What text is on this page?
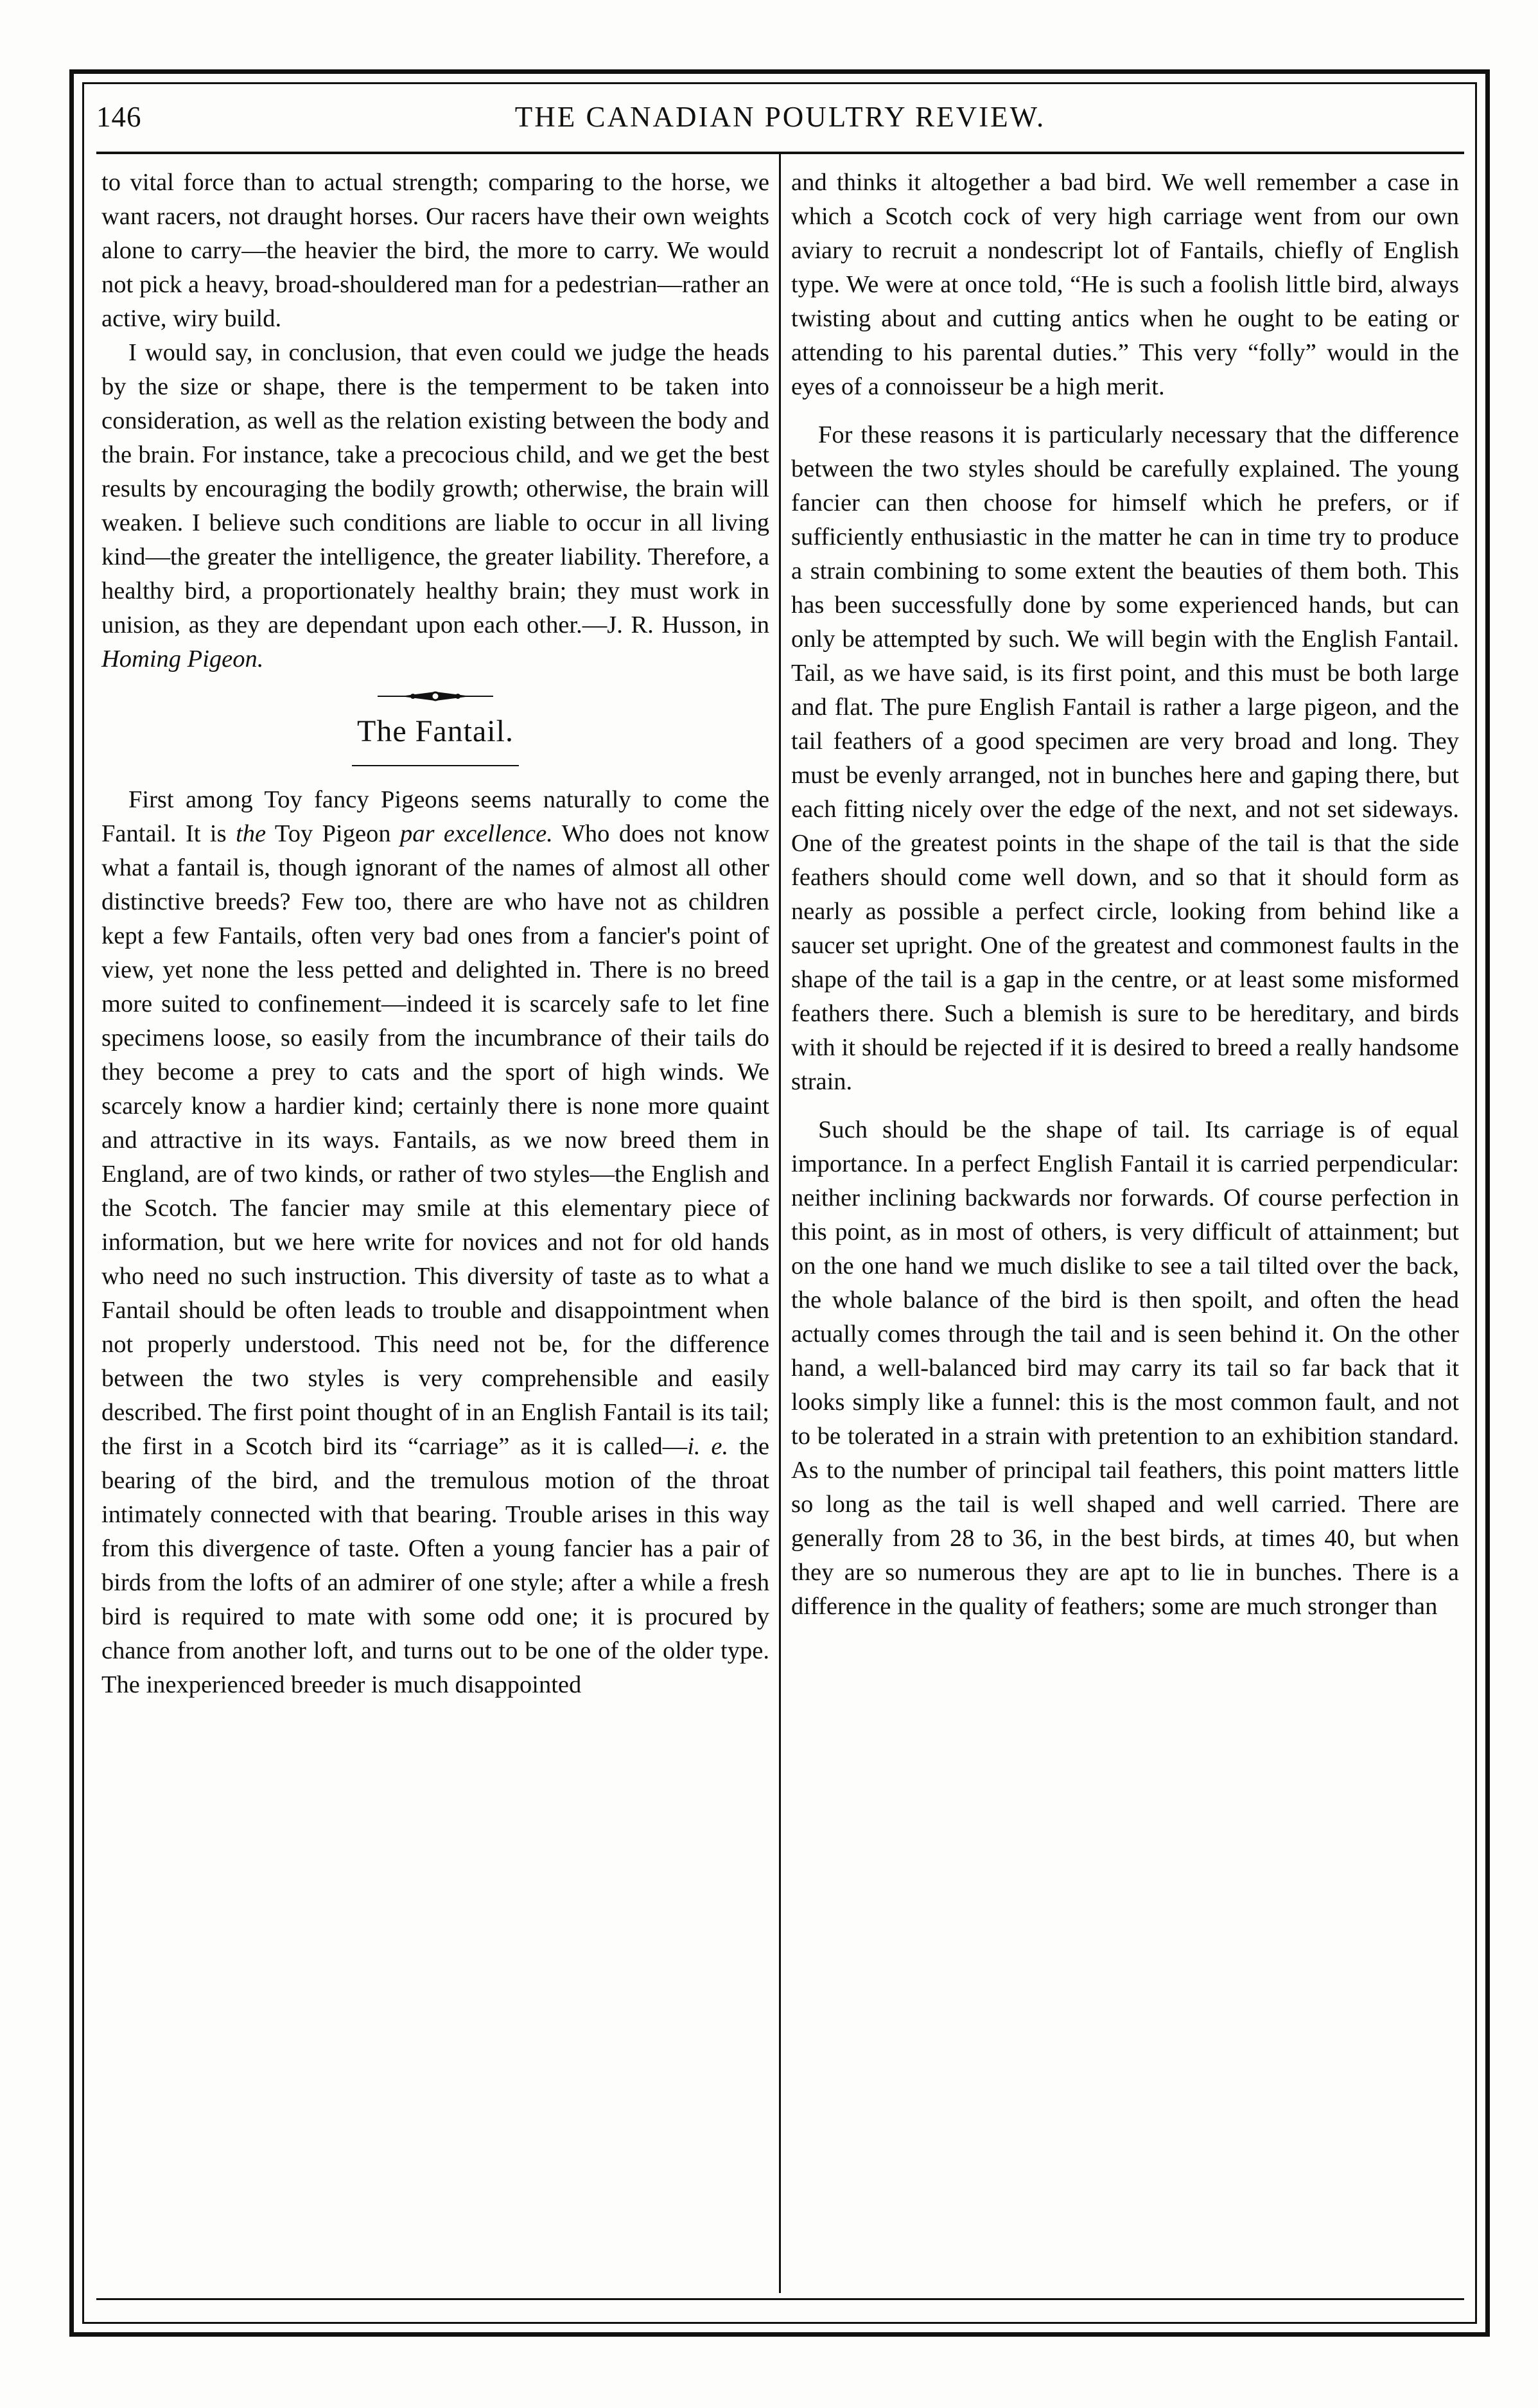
146	THE CANADIAN POULTRY REVIEW.

to vital force than to actual strength; comparing to the horse, we want racers, not draught horses. Our racers have their own weights alone to carry—the heavier the bird, the more to carry. We would not pick a heavy, broad-shouldered man for a pedestrian—rather an active, wiry build.

I would say, in conclusion, that even could we judge the heads by the size or shape, there is the temperment to be taken into consideration, as well as the relation existing between the body and the brain. For instance, take a precocious child, and we get the best results by encouraging the bodily growth; otherwise, the brain will weaken. I believe such conditions are liable to occur in all living kind—the greater the intelligence, the greater liability. Therefore, a healthy bird, a proportionately healthy brain; they must work in unision, as they are dependant upon each other.—J. R. Husson, in Homing Pigeon.

The Fantail.

First among Toy fancy Pigeons seems naturally to come the Fantail. It is the Toy Pigeon par excellence. Who does not know what a fantail is, though ignorant of the names of almost all other distinctive breeds? Few too, there are who have not as children kept a few Fantails, often very bad ones from a fancier's point of view, yet none the less petted and delighted in. There is no breed more suited to confinement—indeed it is scarcely safe to let fine specimens loose, so easily from the incumbrance of their tails do they become a prey to cats and the sport of high winds. We scarcely know a hardier kind; certainly there is none more quaint and attractive in its ways. Fantails, as we now breed them in England, are of two kinds, or rather of two styles—the English and the Scotch. The fancier may smile at this elementary piece of information, but we here write for novices and not for old hands who need no such instruction. This diversity of taste as to what a Fantail should be often leads to trouble and disappointment when not properly understood. This need not be, for the difference between the two styles is very comprehensible and easily described. The first point thought of in an English Fantail is its tail; the first in a Scotch bird its “carriage” as it is called—i. e. the bearing of the bird, and the tremulous motion of the throat intimately connected with that bearing. Trouble arises in this way from this divergence of taste. Often a young fancier has a pair of birds from the lofts of an admirer of one style; after a while a fresh bird is required to mate with some odd one; it is procured by chance from another loft, and turns out to be one of the older type. The inexperienced breeder is much disappointed

and thinks it altogether a bad bird. We well remember a case in which a Scotch cock of very high carriage went from our own aviary to recruit a nondescript lot of Fantails, chiefly of English type. We were at once told, “He is such a foolish little bird, always twisting about and cutting antics when he ought to be eating or attending to his parental duties.” This very “folly” would in the eyes of a connoisseur be a high merit.

For these reasons it is particularly necessary that the difference between the two styles should be carefully explained. The young fancier can then choose for himself which he prefers, or if sufficiently enthusiastic in the matter he can in time try to produce a strain combining to some extent the beauties of them both. This has been successfully done by some experienced hands, but can only be attempted by such. We will begin with the English Fantail. Tail, as we have said, is its first point, and this must be both large and flat. The pure English Fantail is rather a large pigeon, and the tail feathers of a good specimen are very broad and long. They must be evenly arranged, not in bunches here and gaping there, but each fitting nicely over the edge of the next, and not set sideways. One of the greatest points in the shape of the tail is that the side feathers should come well down, and so that it should form as nearly as possible a perfect circle, looking from behind like a saucer set upright. One of the greatest and commonest faults in the shape of the tail is a gap in the centre, or at least some misformed feathers there. Such a blemish is sure to be hereditary, and birds with it should be rejected if it is desired to breed a really handsome strain.

Such should be the shape of tail. Its carriage is of equal importance. In a perfect English Fantail it is carried perpendicular: neither inclining backwards nor forwards. Of course perfection in this point, as in most of others, is very difficult of attainment; but on the one hand we much dislike to see a tail tilted over the back, the whole balance of the bird is then spoilt, and often the head actually comes through the tail and is seen behind it. On the other hand, a well-balanced bird may carry its tail so far back that it looks simply like a funnel: this is the most common fault, and not to be tolerated in a strain with pretention to an exhibition standard. As to the number of principal tail feathers, this point matters little so long as the tail is well shaped and well carried. There are generally from 28 to 36, in the best birds, at times 40, but when they are so numerous they are apt to lie in bunches. There is a difference in the quality of feathers; some are much stronger than
